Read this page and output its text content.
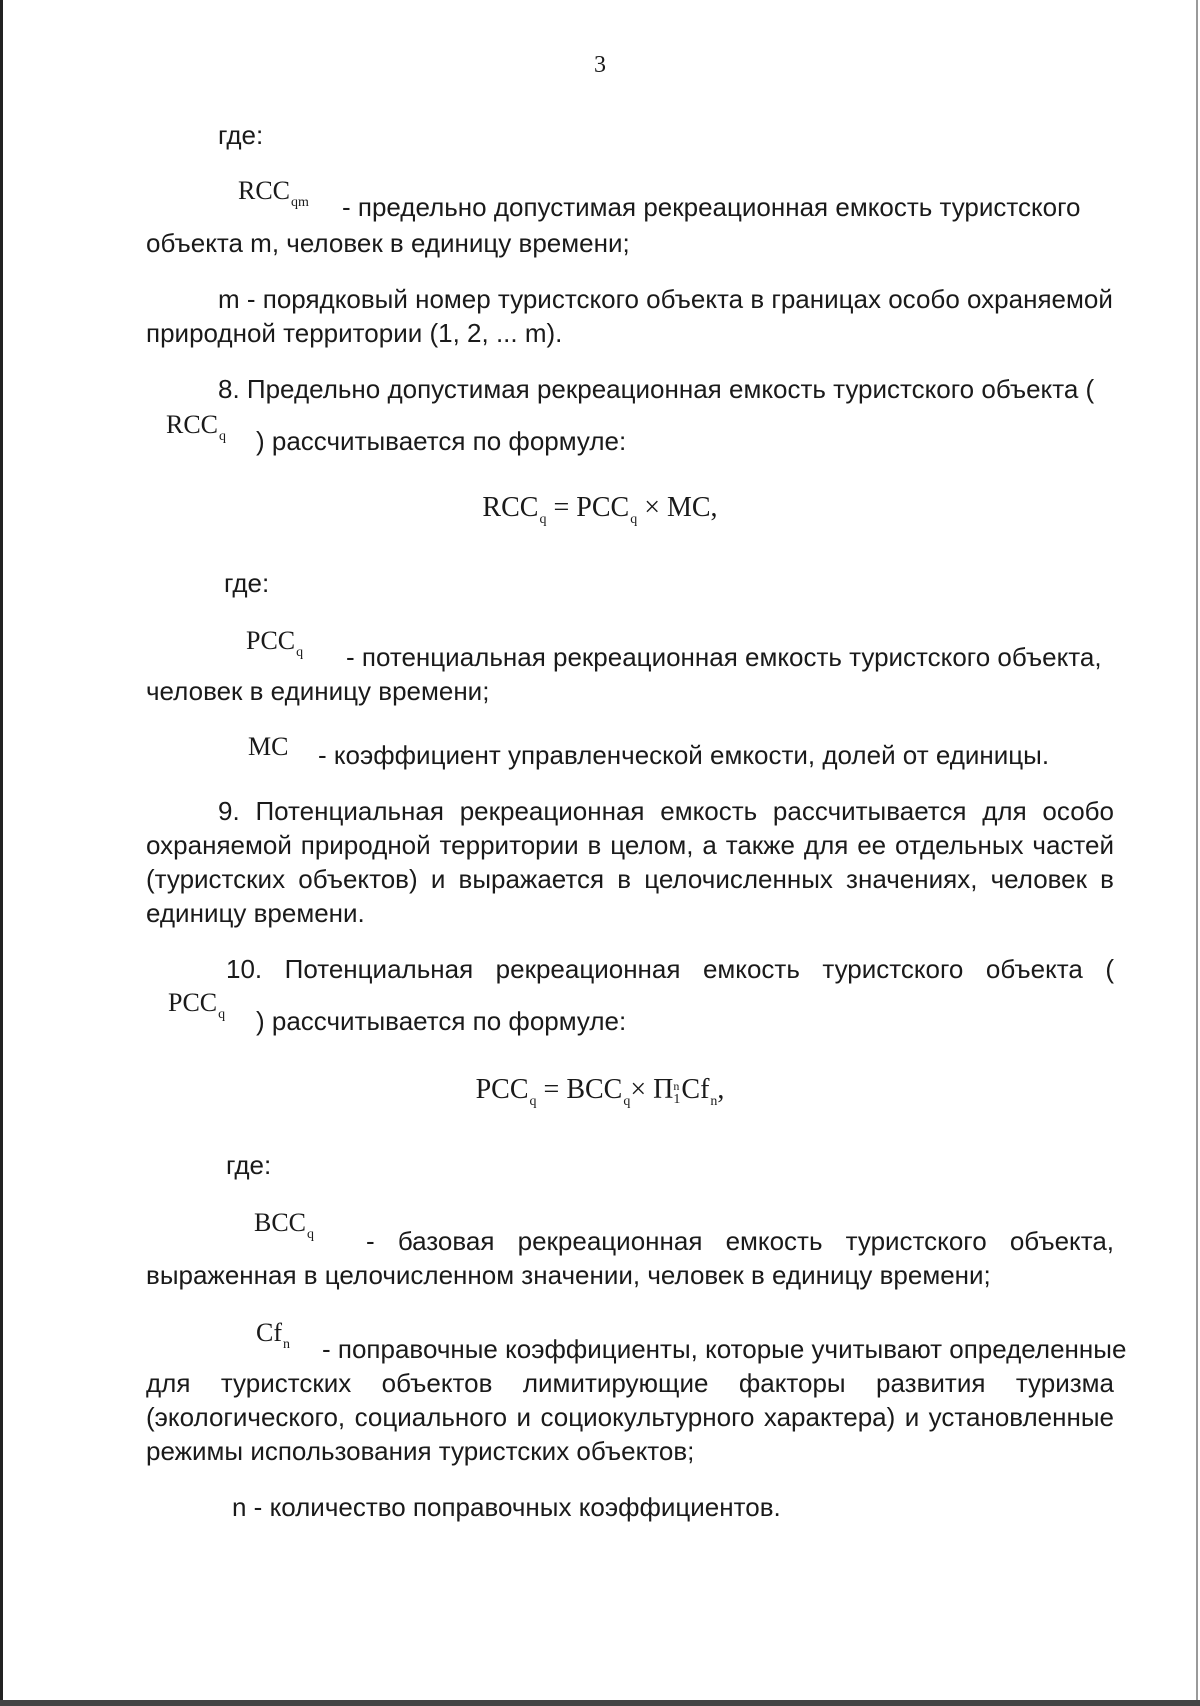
3
где:
$RCC_{qm}$ - предельно допустимая рекреационная емкость туристского
объекта m, человек в единицу времени;
m - порядковый номер туристского объекта в границах особо охраняемой
природной территории (1, 2, ... m).
8. Предельно допустимая рекреационная емкость туристского объекта (
$RCC_q$ ) рассчитывается по формуле:
$RCC_q = PCC_q$ × MC,
где:
$PCC_q$ - потенциальная рекреационная емкость туристского объекта,
человек в единицу времени;
MC - коэффициент управленческой емкости, долей от единицы.
9. Потенциальная рекреационная емкость рассчитывается для особо
охраняемой природной территории в целом, а также для ее отдельных частей
(туристских объектов) и выражается в целочисленных значениях, человек в
единицу времени.
10. Потенциальная рекреационная емкость туристского объекта (
$PCC_q$ ) рассчитывается по формуле:
$PCC_q = BCC_q\times \Pi$ n
1 $Cf_n$,
где:
$BCC_q$ - базовая рекреационная емкость туристского объекта,
выраженная в целочисленном значении, человек в единицу времени;
$Cf_n$ - поправочные коэффициенты, которые учитывают определенные
для туристских объектов лимитирующие факторы развития туризма
(экологического, социального и социокультурного характера) и установленные
режимы использования туристских объектов;
n - количество поправочных коэффициентов.
